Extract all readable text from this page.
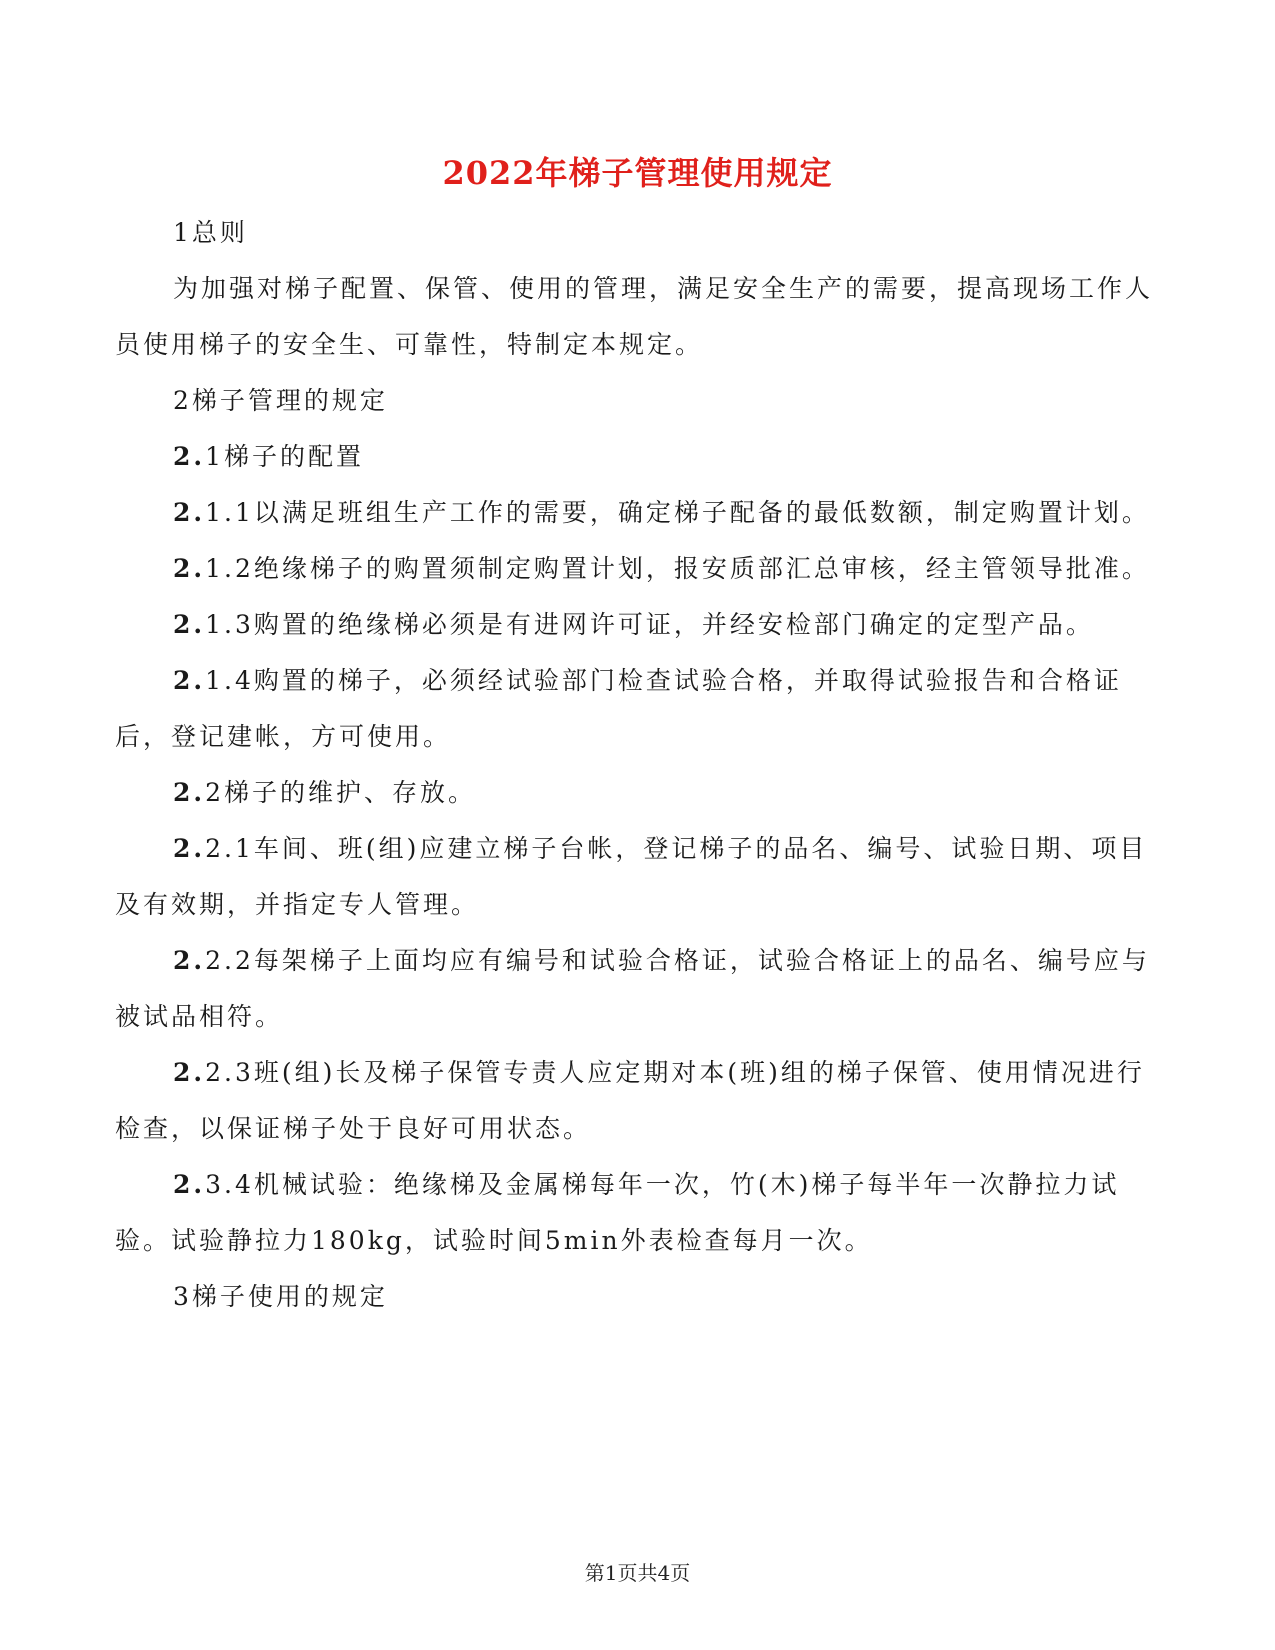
2022年梯子管理使用规定

1总则

为加强对梯子配置、保管、使用的管理，满足安全生产的需要，提高现场工作人员使用梯子的安全生、可靠性，特制定本规定。

2梯子管理的规定

2.1梯子的配置

2.1.1以满足班组生产工作的需要，确定梯子配备的最低数额，制定购置计划。

2.1.2绝缘梯子的购置须制定购置计划，报安质部汇总审核，经主管领导批准。

2.1.3购置的绝缘梯必须是有进网许可证，并经安检部门确定的定型产品。

2.1.4购置的梯子，必须经试验部门检查试验合格，并取得试验报告和合格证后，登记建帐，方可使用。

2.2梯子的维护、存放。

2.2.1车间、班(组)应建立梯子台帐，登记梯子的品名、编号、试验日期、项目及有效期，并指定专人管理。

2.2.2每架梯子上面均应有编号和试验合格证，试验合格证上的品名、编号应与被试品相符。

2.2.3班(组)长及梯子保管专责人应定期对本(班)组的梯子保管、使用情况进行检查，以保证梯子处于良好可用状态。

2.3.4机械试验：绝缘梯及金属梯每年一次，竹(木)梯子每半年一次静拉力试验。试验静拉力180kg，试验时间5min外表检查每月一次。

3梯子使用的规定

第1页共4页
